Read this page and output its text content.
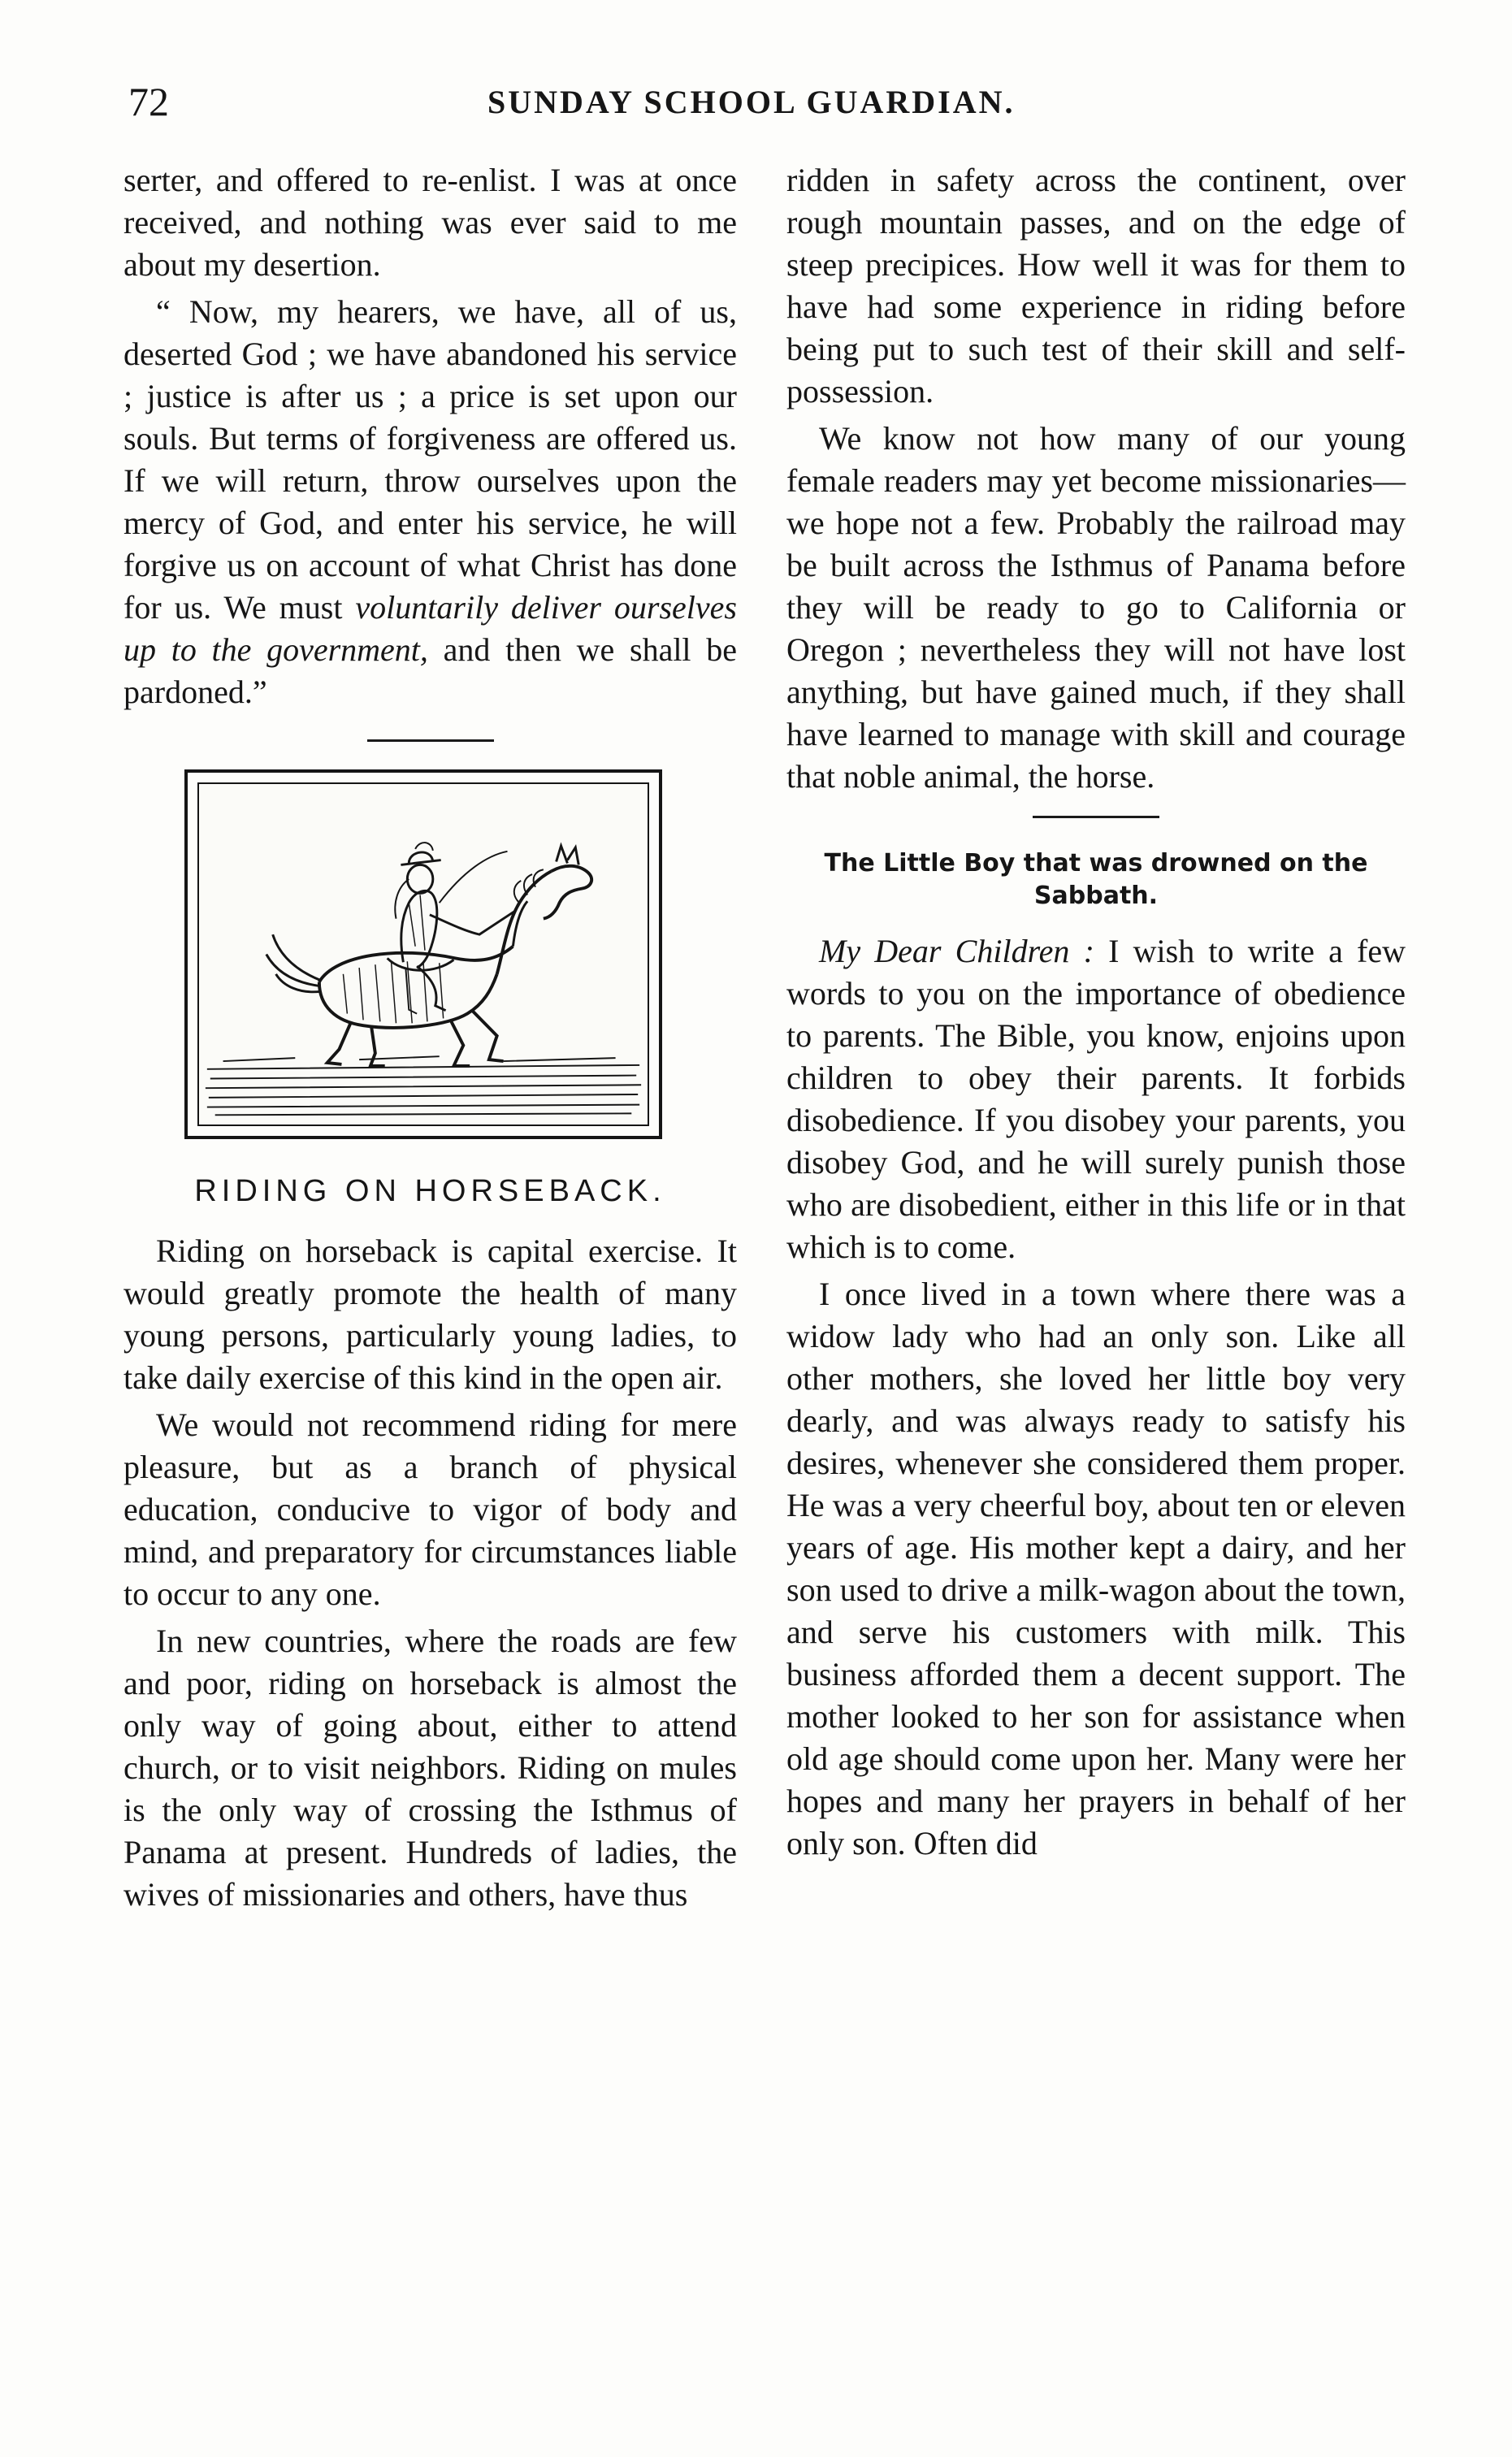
72	SUNDAY SCHOOL GUARDIAN.

serter, and offered to re-enlist. I was at once received, and nothing was ever said to me about my desertion.

“ Now, my hearers, we have, all of us, deserted God ; we have abandoned his service ; justice is after us ; a price is set upon our souls. But terms of forgiveness are offered us. If we will return, throw ourselves upon the mercy of God, and enter his service, he will forgive us on account of what Christ has done for us. We must voluntarily deliver ourselves up to the government, and then we shall be pardoned.”

RIDING ON HORSEBACK.

Riding on horseback is capital exercise. It would greatly promote the health of many young persons, particularly young ladies, to take daily exercise of this kind in the open air.

We would not recommend riding for mere pleasure, but as a branch of physical education, conducive to vigor of body and mind, and preparatory for circumstances liable to occur to any one.

In new countries, where the roads are few and poor, riding on horseback is almost the only way of going about, either to attend church, or to visit neighbors. Riding on mules is the only way of crossing the Isthmus of Panama at present. Hundreds of ladies, the wives of missionaries and others, have thus

ridden in safety across the continent, over rough mountain passes, and on the edge of steep precipices. How well it was for them to have had some experience in riding before being put to such test of their skill and self-possession.

We know not how many of our young female readers may yet become missionaries—we hope not a few. Probably the railroad may be built across the Isthmus of Panama before they will be ready to go to California or Oregon ; nevertheless they will not have lost anything, but have gained much, if they shall have learned to manage with skill and courage that noble animal, the horse.

The Little Boy that was drowned on the Sabbath.

My Dear Children : I wish to write a few words to you on the importance of obedience to parents. The Bible, you know, enjoins upon children to obey their parents. It forbids disobedience. If you disobey your parents, you disobey God, and he will surely punish those who are disobedient, either in this life or in that which is to come.

I once lived in a town where there was a widow lady who had an only son. Like all other mothers, she loved her little boy very dearly, and was always ready to satisfy his desires, whenever she considered them proper. He was a very cheerful boy, about ten or eleven years of age. His mother kept a dairy, and her son used to drive a milk-wagon about the town, and serve his customers with milk. This business afforded them a decent support. The mother looked to her son for assistance when old age should come upon her. Many were her hopes and many her prayers in behalf of her only son. Often did
